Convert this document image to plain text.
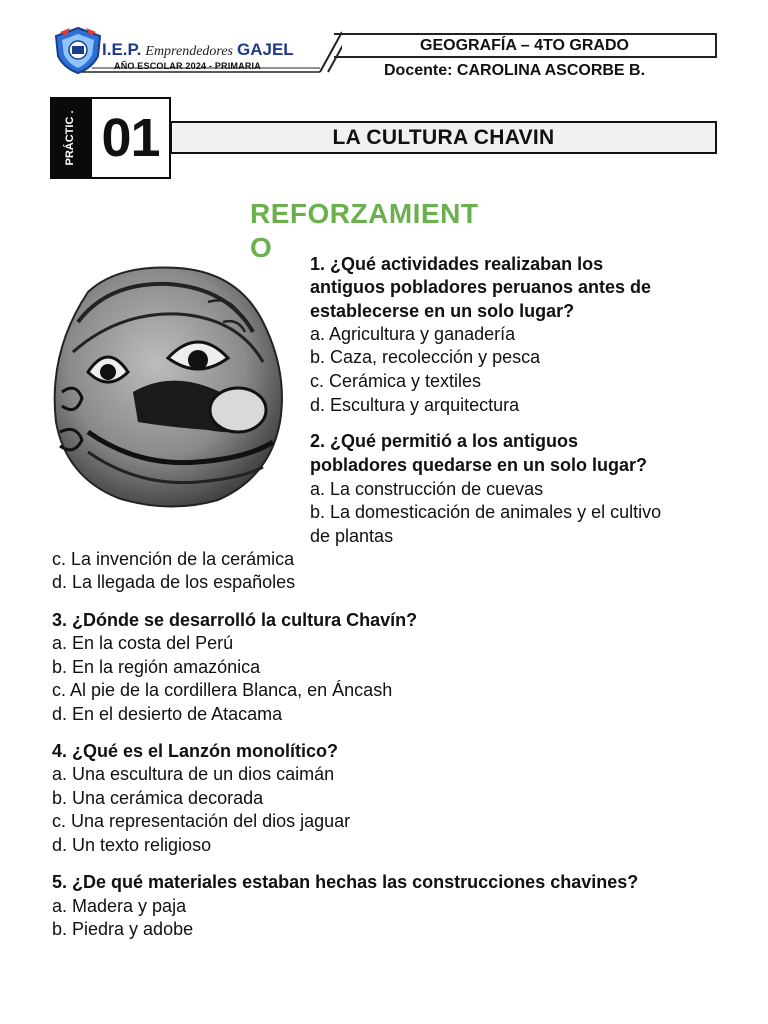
I.E.P. Emprendedores GAJEL
AÑO ESCOLAR 2024 - PRIMARIA
GEOGRAFÍA – 4TO GRADO
Docente: CAROLINA ASCORBE B.
PRÁCTIC . 01	LA CULTURA CHAVIN
REFORZAMIENTO
1. ¿Qué actividades realizaban los
antiguos pobladores peruanos antes de
establecerse en un solo lugar?
a. Agricultura y ganadería
b. Caza, recolección y pesca
c. Cerámica y textiles
d. Escultura y arquitectura
2. ¿Qué permitió a los antiguos
pobladores quedarse en un solo lugar?
a. La construcción de cuevas
b. La domesticación de animales y el cultivo
de plantas
c. La invención de la cerámica
d. La llegada de los españoles
3. ¿Dónde se desarrolló la cultura Chavín?
a. En la costa del Perú
b. En la región amazónica
c. Al pie de la cordillera Blanca, en Áncash
d. En el desierto de Atacama
4. ¿Qué es el Lanzón monolítico?
a. Una escultura de un dios caimán
b. Una cerámica decorada
c. Una representación del dios jaguar
d. Un texto religioso
5. ¿De qué materiales estaban hechas las construcciones chavines?
a. Madera y paja
b. Piedra y adobe
